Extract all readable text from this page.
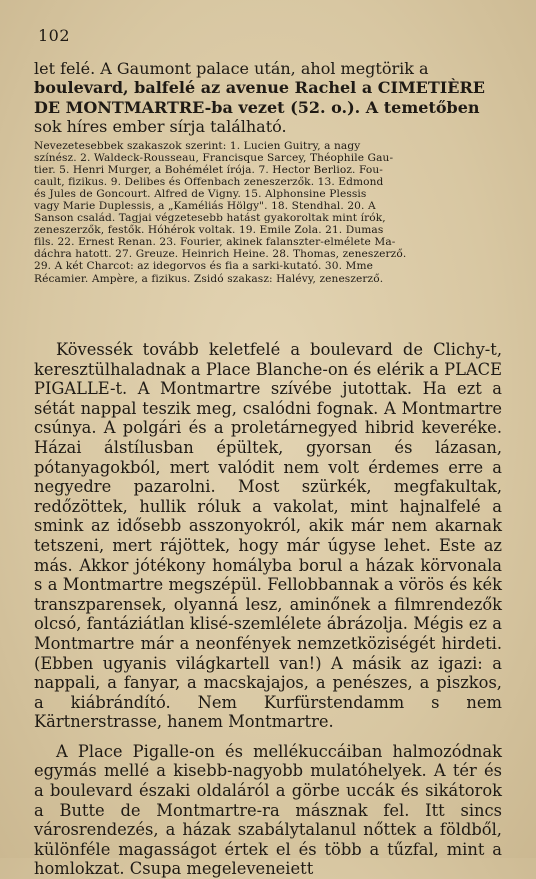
102
let felé. A Gaumont palace után, ahol megtörik a
boulevard, balfelé az avenue Rachel a CIMETIÈRE
DE MONTMARTRE-ba vezet (52. o.). A temetőben
sok híres ember sírja található.
Nevezetesebbek szakaszok szerint: 1. Lucien Guitry, a nagy
színész. 2. Waldeck-Rousseau, Francisque Sarcey, Théophile Gau-
tier. 5. Henri Murger, a Bohémélet írója. 7. Hector Berlioz. Fou-
cault, fizikus. 9. Delibes és Offenbach zeneszerzők. 13. Edmond
és Jules de Goncourt. Alfred de Vigny. 15. Alphonsine Plessis
vagy Marie Duplessis, a „Kaméliás Hölgy". 18. Stendhal. 20. A
Sanson család. Tagjai végzetesebb hatást gyakoroltak mint írók,
zeneszerzők, festők. Hóhérok voltak. 19. Emile Zola. 21. Dumas
fils. 22. Ernest Renan. 23. Fourier, akinek falanszter-elmélete Ma-
dáchra hatott. 27. Greuze. Heinrich Heine. 28. Thomas, zeneszerző.
29. A két Charcot: az idegorvos és fia a sarki-kutató. 30. Mme
Récamier. Ampère, a fizikus. Zsidó szakasz: Halévy, zeneszerző.

Kövessék tovább keletfelé a boulevard de Clichy-t, keresztülhaladnak a Place Blanche-on és elérik a PLACE PIGALLE-t. A Montmartre szívébe jutottak. Ha ezt a sétát nappal teszik meg, csalódni fognak. A Montmartre csúnya. A polgári és a proletárnegyed hibrid keveréke. Házai álstílusban épültek, gyorsan és lázasan, pótanyagokból, mert valódit nem volt érdemes erre a negyedre pazarolni. Most szürkék, megfakultak, redőzöttek, hullik róluk a vakolat, mint hajnalfelé a smink az idősebb asszonyokról, akik már nem akarnak tetszeni, mert rájöttek, hogy már úgyse lehet. Este az más. Akkor jótékony homályba borul a házak körvonala s a Montmartre megszépül. Fellobbannak a vörös és kék transzparensek, olyanná lesz, aminőnek a filmrendezők olcsó, fantáziátlan klisé-szemlélete ábrázolja. Mégis ez a Montmartre már a neonfények nemzetköziségét hirdeti. (Ebben ugyanis világkartell van!) A másik az igazi: a nappali, a fanyar, a macskajajos, a penészes, a piszkos, a kiábrándító. Nem Kurfürstendamm s nem Kärtnerstrasse, hanem Montmartre.

A Place Pigalle-on és mellékuccáiban halmozódnak egymás mellé a kisebb-nagyobb mulatóhelyek. A tér és a boulevard északi oldaláról a görbe uccák és sikátorok a Butte de Montmartre-ra másznak fel. Itt sincs városrendezés, a házak szabálytalanul nőttek a földből, különféle magasságot értek el és több a tűzfal, mint a homlokzat. Csupa megeleveneiett
